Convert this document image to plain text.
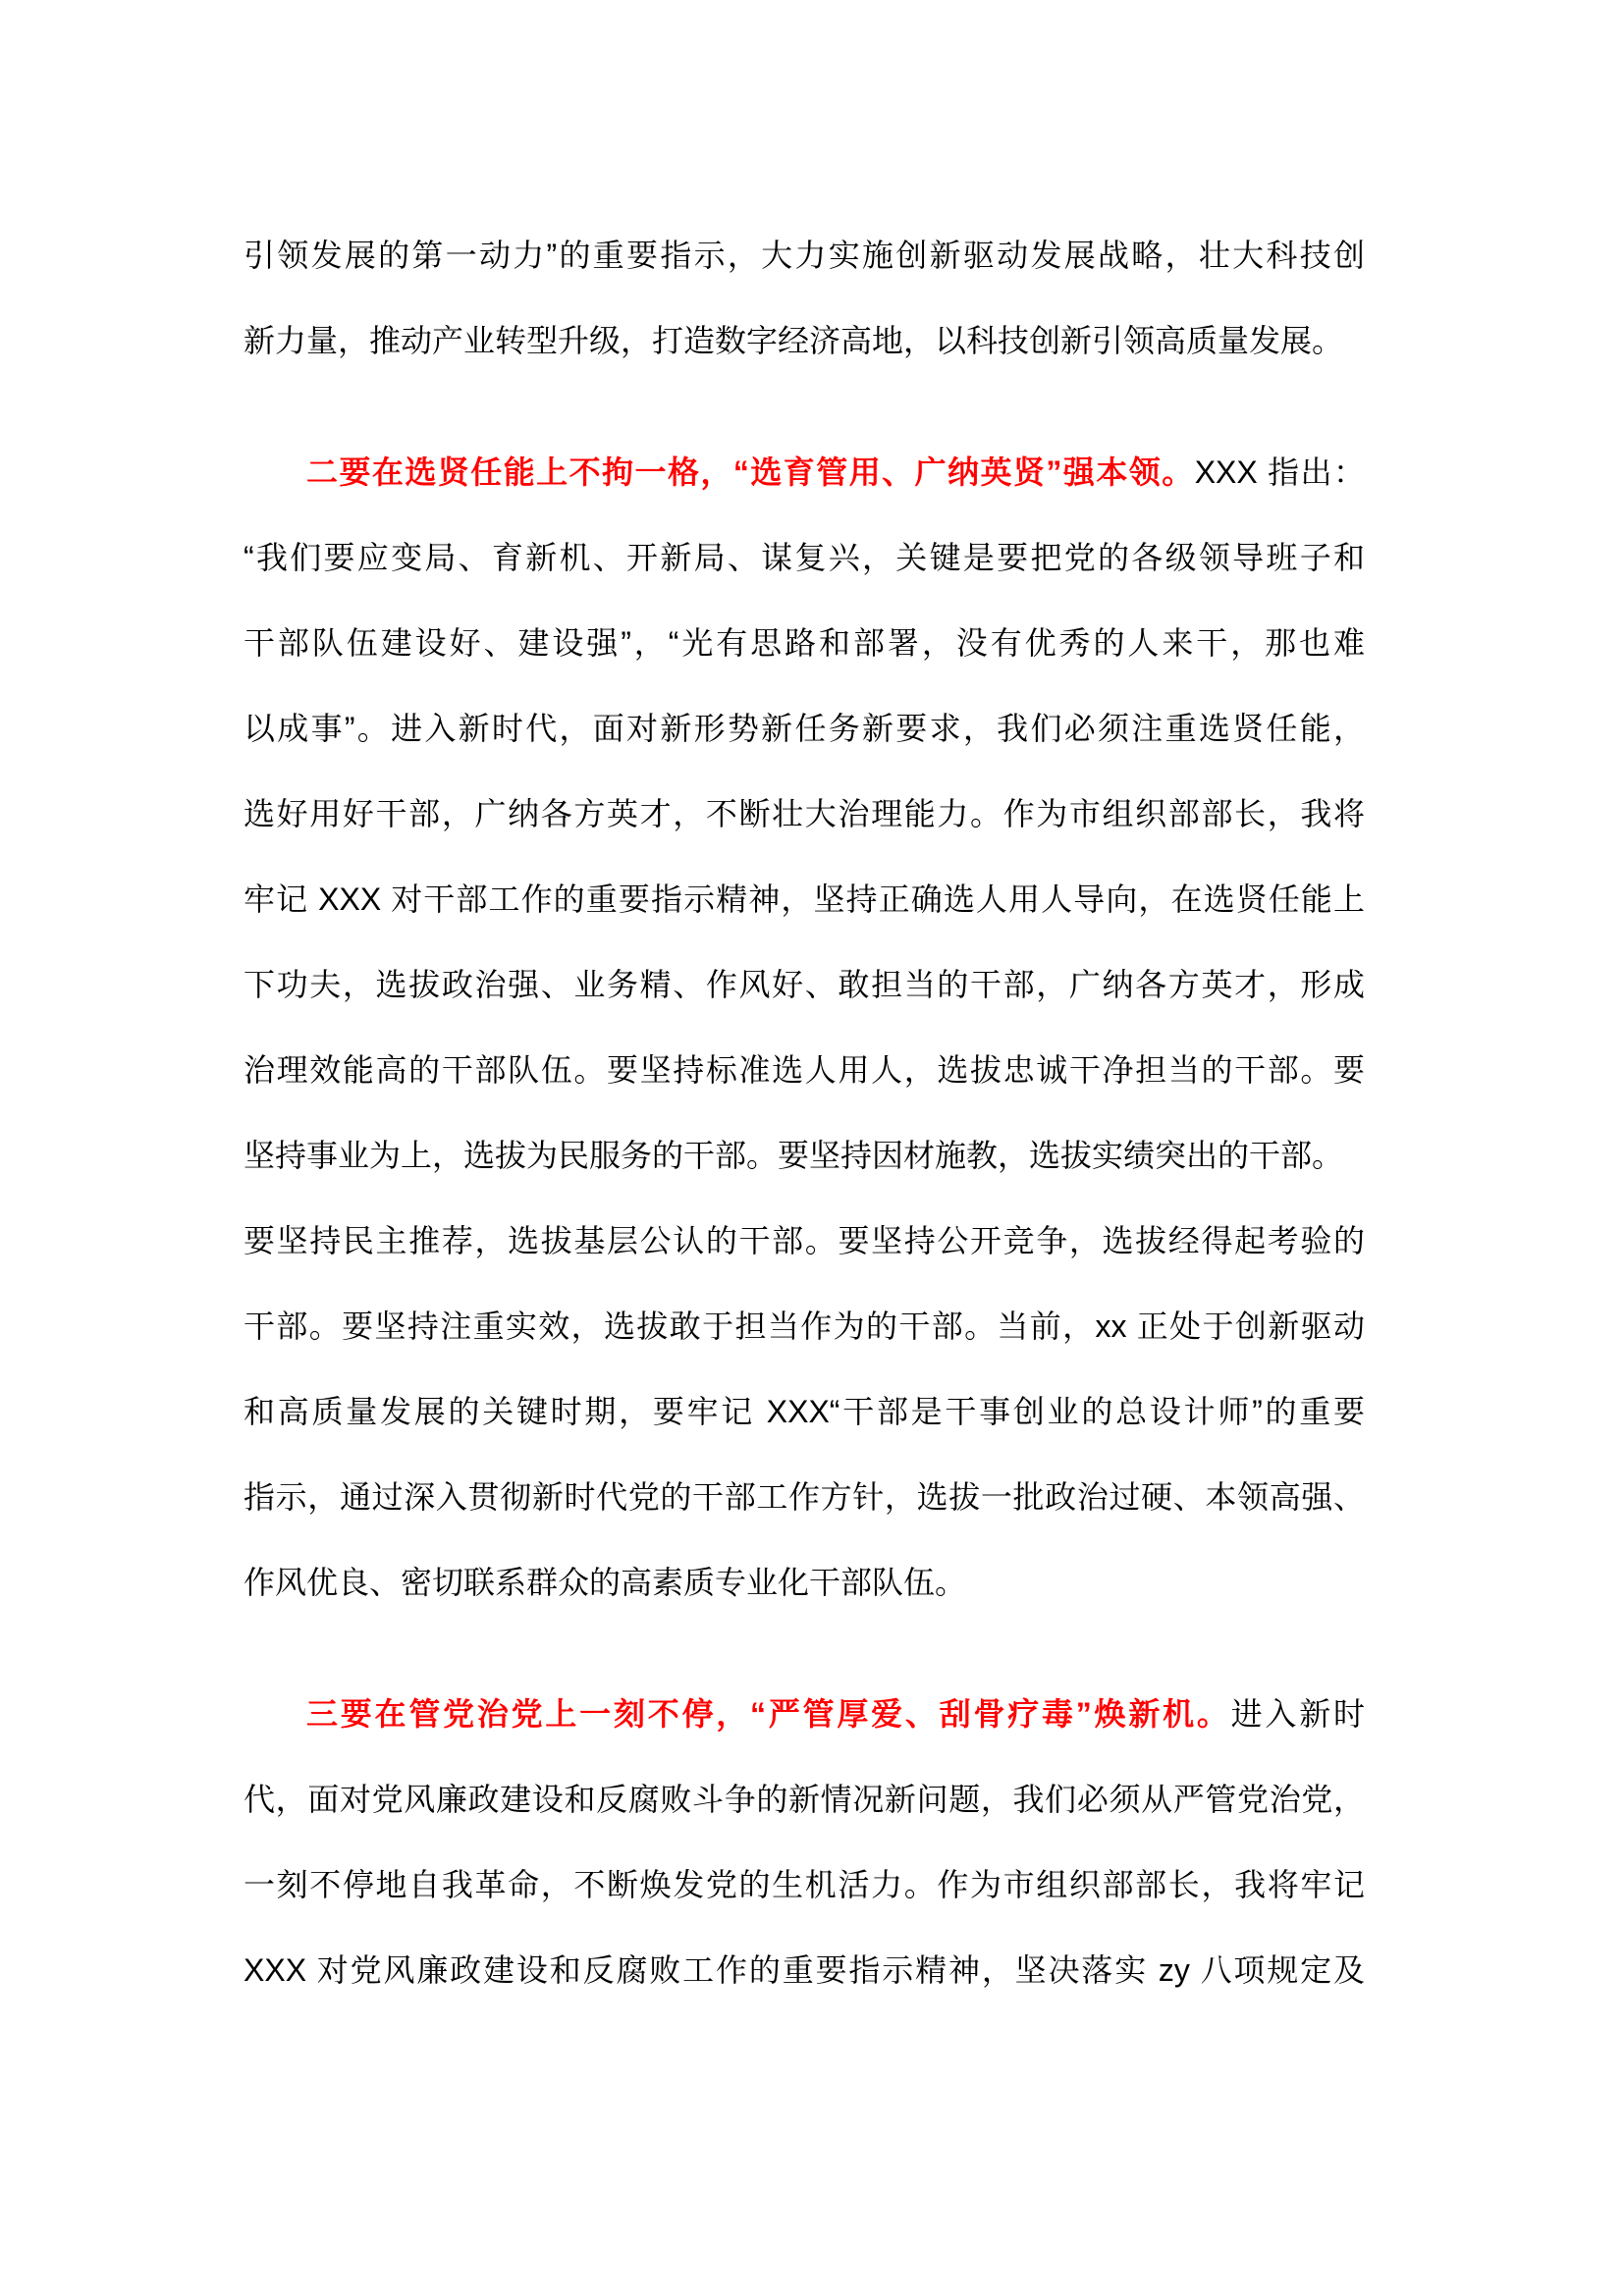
引领发展的第一动力”的重要指示，大力实施创新驱动发展战略，壮大科技创
新力量，推动产业转型升级，打造数字经济高地，以科技创新引领高质量发展。
二要在选贤任能上不拘一格，“选育管用、广纳英贤”强本领。XXX 指出：
“我们要应变局、育新机、开新局、谋复兴，关键是要把党的各级领导班子和
干部队伍建设好、建设强”，“光有思路和部署，没有优秀的人来干，那也难
以成事”。进入新时代，面对新形势新任务新要求，我们必须注重选贤任能，
选好用好干部，广纳各方英才，不断壮大治理能力。作为市组织部部长，我将
牢记 XXX 对干部工作的重要指示精神，坚持正确选人用人导向，在选贤任能上
下功夫，选拔政治强、业务精、作风好、敢担当的干部，广纳各方英才，形成
治理效能高的干部队伍。要坚持标准选人用人，选拔忠诚干净担当的干部。要
坚持事业为上，选拔为民服务的干部。要坚持因材施教，选拔实绩突出的干部。
要坚持民主推荐，选拔基层公认的干部。要坚持公开竞争，选拔经得起考验的
干部。要坚持注重实效，选拔敢于担当作为的干部。当前，xx 正处于创新驱动
和高质量发展的关键时期，要牢记 XXX“干部是干事创业的总设计师”的重要
指示，通过深入贯彻新时代党的干部工作方针，选拔一批政治过硬、本领高强、
作风优良、密切联系群众的高素质专业化干部队伍。
三要在管党治党上一刻不停，“严管厚爱、刮骨疗毒”焕新机。进入新时
代，面对党风廉政建设和反腐败斗争的新情况新问题，我们必须从严管党治党，
一刻不停地自我革命，不断焕发党的生机活力。作为市组织部部长，我将牢记
XXX 对党风廉政建设和反腐败工作的重要指示精神，坚决落实 zy 八项规定及
